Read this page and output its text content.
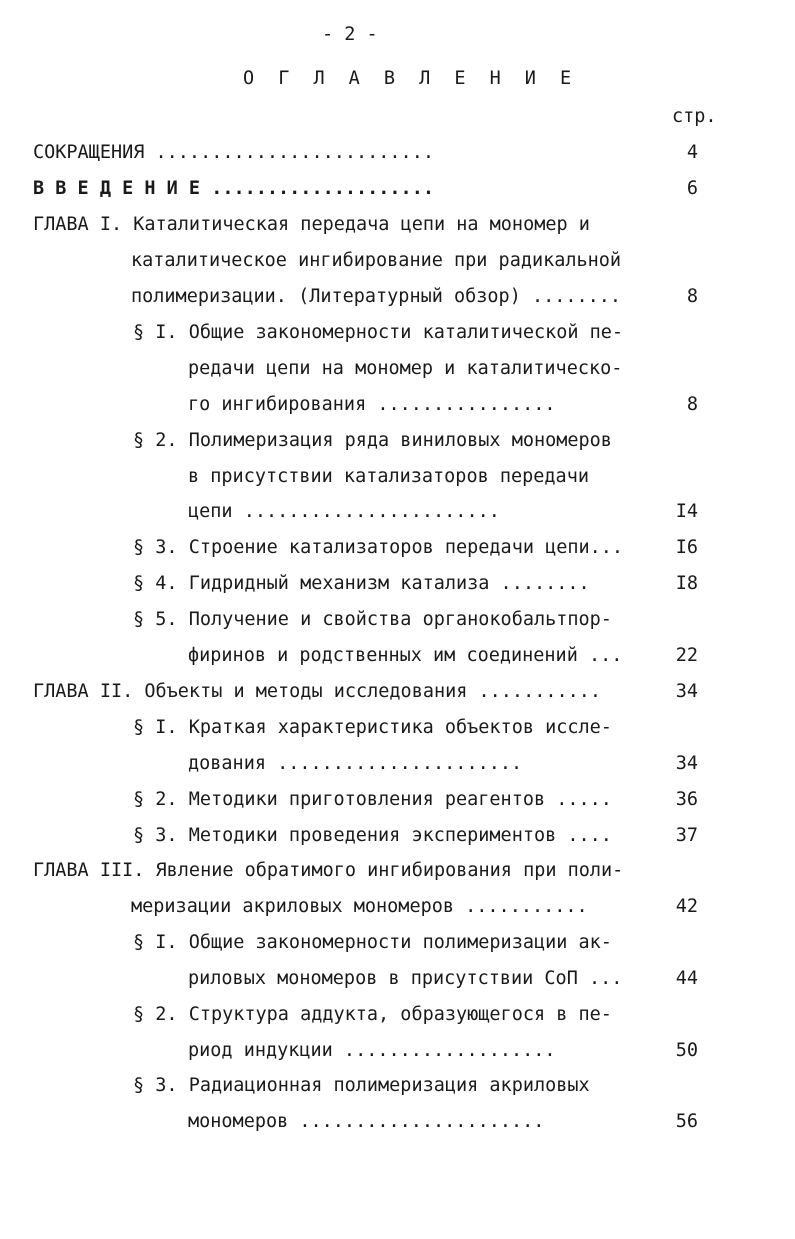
- 2 -
О Г Л А В Л Е Н И Е
стр.
СОКРАЩЕНИЯ .........................	4
В В Е Д Е Н И Е ....................	6
ГЛАВА I. Каталитическая передача цепи на мономер и
каталитическое ингибирование при радикальной
полимеризации. (Литературный обзор) ........	8
§ I. Общие закономерности каталитической пе-
редачи цепи на мономер и каталитическо-
го ингибирования ................	8
§ 2. Полимеризация ряда виниловых мономеров
в присутствии катализаторов передачи
цепи .......................	I4
§ 3. Строение катализаторов передачи цепи...	I6
§ 4. Гидридный механизм катализа ........	I8
§ 5. Получение и свойства органокобальтпор-
фиринов и родственных им соединений ...	22
ГЛАВА II. Объекты и методы исследования ...........	34
§ I. Краткая характеристика объектов иссле-
дования ......................	34
§ 2. Методики приготовления реагентов .....	36
§ 3. Методики проведения экспериментов ....	37
ГЛАВА III. Явление обратимого ингибирования при поли-
меризации акриловых мономеров ...........	42
§ I. Общие закономерности полимеризации ак-
риловых мономеров в присутствии СоП ...	44
§ 2. Структура аддукта, образующегося в пе-
риод индукции ...................	50
§ 3. Радиационная полимеризация акриловых
мономеров ......................	56
